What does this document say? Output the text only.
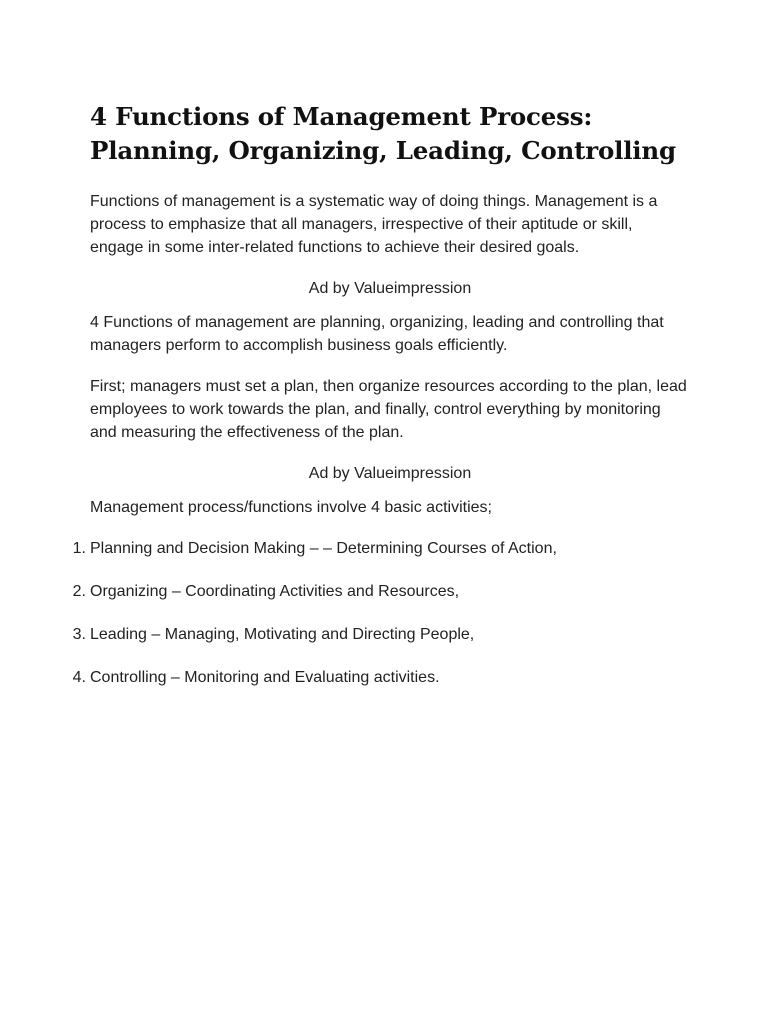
4 Functions of Management Process: Planning, Organizing, Leading, Controlling

Functions of management is a systematic way of doing things. Management is a process to emphasize that all managers, irrespective of their aptitude or skill, engage in some inter-related functions to achieve their desired goals.

Ad by Valueimpression

4 Functions of management are planning, organizing, leading and controlling that managers perform to accomplish business goals efficiently.

First; managers must set a plan, then organize resources according to the plan, lead employees to work towards the plan, and finally, control everything by monitoring and measuring the effectiveness of the plan.

Ad by Valueimpression

Management process/functions involve 4 basic activities;

1. Planning and Decision Making – – Determining Courses of Action,
2. Organizing – Coordinating Activities and Resources,
3. Leading – Managing, Motivating and Directing People,
4. Controlling – Monitoring and Evaluating activities.
